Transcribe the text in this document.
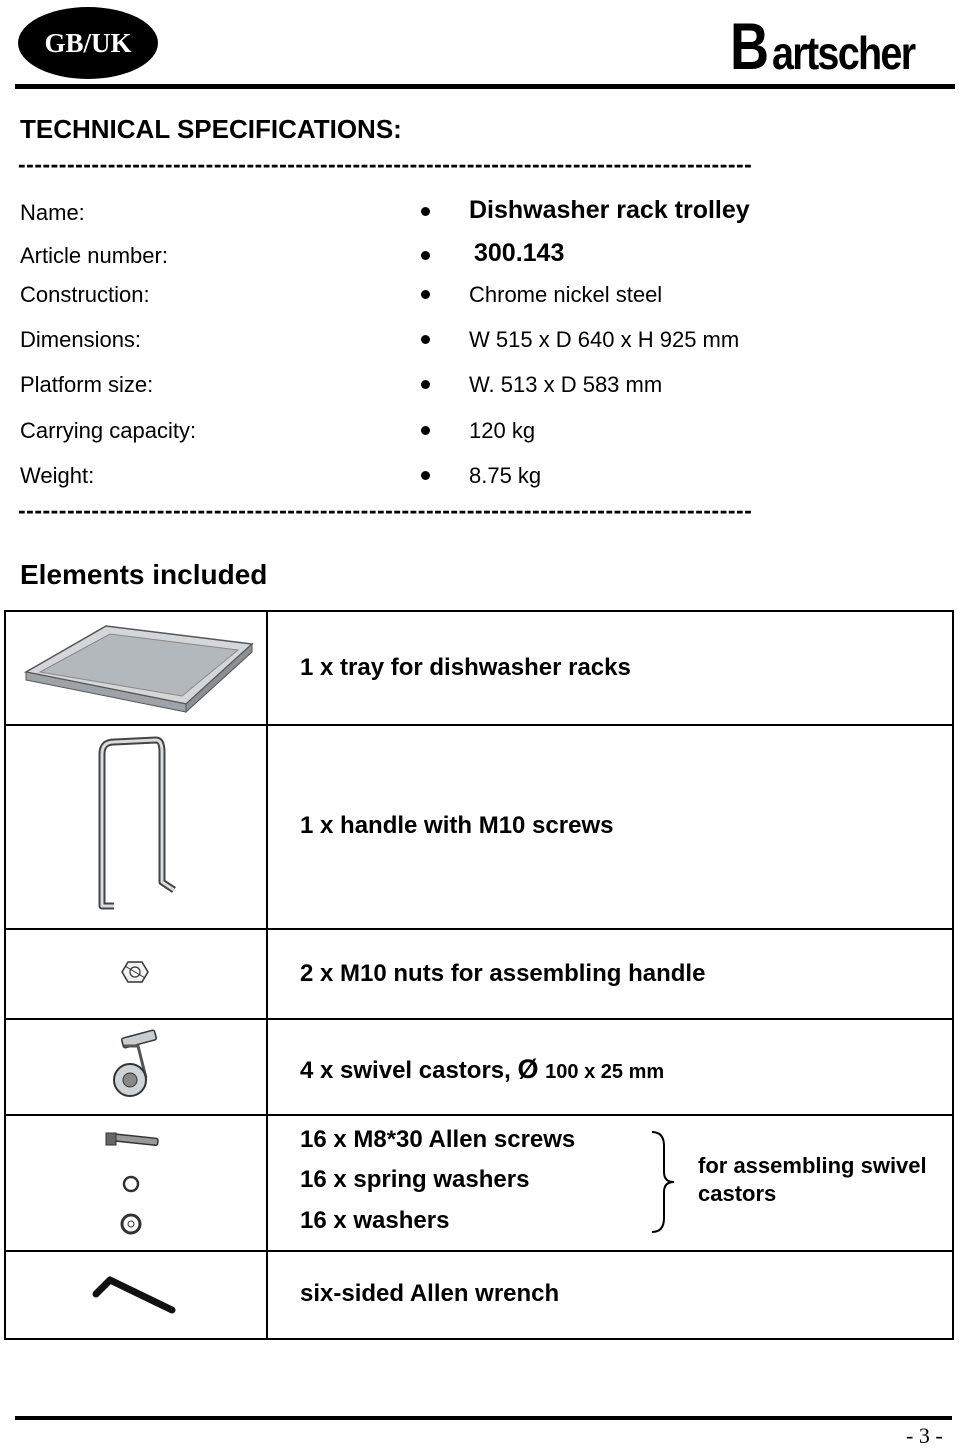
GB/UK	B artscher
TECHNICAL SPECIFICATIONS:
------------------------------------------------------------------------------------------
Name:	Dishwasher rack trolley
Article number:	300.143
Construction:	Chrome nickel steel
Dimensions:	W 515 x D 640 x H 925 mm
Platform size:	W. 513 x D 583 mm
Carrying capacity:	120 kg
Weight:	8.75 kg
------------------------------------------------------------------------------------------
Elements included
1 x tray for dishwasher racks
1 x handle with M10 screws
2 x M10 nuts for assembling handle
4 x swivel castors, Ø 100 x 25 mm
16 x M8*30 Allen screws
16 x spring washers
16 x washers
for assembling swivel
castors
six-sided Allen wrench
- 3 -
